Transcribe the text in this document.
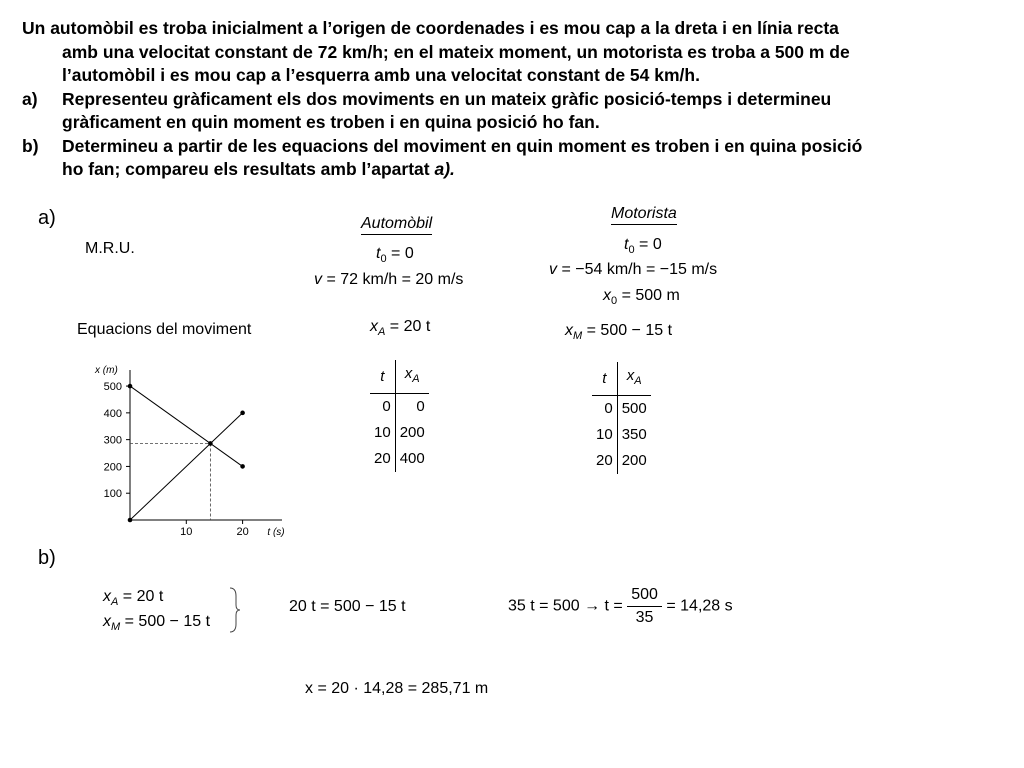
Un automòbil es troba inicialment a l’origen de coordenades i es mou cap a la dreta i en línia recta
amb una velocitat constant de 72 km/h; en el mateix moment, un motorista es troba a 500 m de
l’automòbil i es mou cap a l’esquerra amb una velocitat constant de 54 km/h.
a) Representeu gràficament els dos moviments en un mateix gràfic posició-temps i determineu
gràficament en quin moment es troben i en quina posició ho fan.
b) Determineu a partir de les equacions del moviment en quin moment es troben i en quina posició
ho fan; compareu els resultats amb l’apartat a).
a)
M.R.U.
Automòbil
$t_0 = 0$
v = 72 km/h = 20 m/s
Motorista
$t_0 = 0$
v = −54 km/h = −15 m/s
$x_0 = 500$ m
Equacions del moviment	$x_A = 20$ t	$x_M = 500 - 15$ t
100
200
300
400
500
10	20
x (m)
t (s)
t	$x_A$
0	0
10	200
20	400
t	$x_A$
0	500
10	350
20	200
b)
$x_A = 20$ t
$x_M = 500 - 15$ t
20 t = 500 − 15 t	35 $t = 500 \to t = \frac{500}{35} = 14,28$ s
x = 20 · 14,28 = 285,71 m
